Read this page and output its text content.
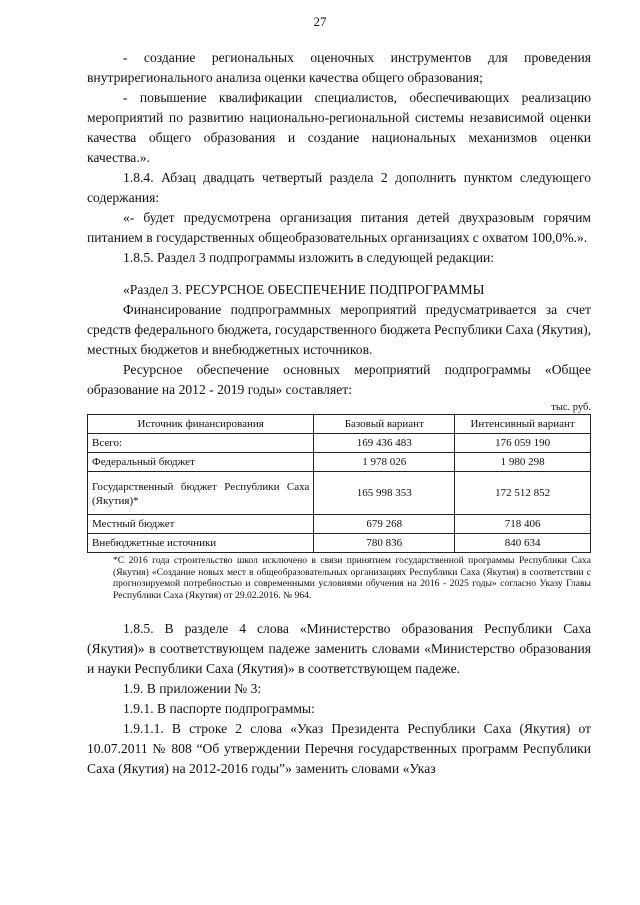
27

- создание региональных оценочных инструментов для проведения внутрирегионального анализа оценки качества общего образования;

- повышение квалификации специалистов, обеспечивающих реализацию мероприятий по развитию национально-региональной системы независимой оценки качества общего образования и создание национальных механизмов оценки качества.».

1.8.4. Абзац двадцать четвертый раздела 2 дополнить пунктом следующего содержания:

«- будет предусмотрена организация питания детей двухразовым горячим питанием в государственных общеобразовательных организациях с охватом 100,0%.».

1.8.5. Раздел 3 подпрограммы изложить в следующей редакции:

«Раздел 3. РЕСУРСНОЕ ОБЕСПЕЧЕНИЕ ПОДПРОГРАММЫ

Финансирование подпрограммных мероприятий предусматривается за счет средств федерального бюджета, государственного бюджета Республики Саха (Якутия), местных бюджетов и внебюджетных источников.

Ресурсное обеспечение основных мероприятий подпрограммы «Общее образование на 2012 - 2019 годы» составляет:

тыс. руб.
Источник финансирования	Базовый вариант	Интенсивный вариант
Всего:	169 436 483	176 059 190
Федеральный бюджет	1 978 026	1 980 298
Государственный бюджет Республики Саха (Якутия)*	165 998 353	172 512 852
Местный бюджет	679 268	718 406
Внебюджетные источники	780 836	840 634
*С 2016 года строительство школ исключено в связи принятием государственной программы Республики Саха (Якутия) «Создание новых мест в общеобразовательных организациях Республики Саха (Якутия) в соответствии с прогнозируемой потребностью и современными условиями обучения на 2016 - 2025 годы» согласно Указу Главы Республики Саха (Якутия) от 29.02.2016. № 964.

1.8.5. В разделе 4 слова «Министерство образования Республики Саха (Якутия)» в соответствующем падеже заменить словами «Министерство образования и науки Республики Саха (Якутия)» в соответствующем падеже.

1.9. В приложении № 3:

1.9.1. В паспорте подпрограммы:

1.9.1.1. В строке 2 слова «Указ Президента Республики Саха (Якутия) от 10.07.2011 № 808 “Об утверждении Перечня государственных программ Республики Саха (Якутия) на 2012-2016 годы”» заменить словами «Указ
